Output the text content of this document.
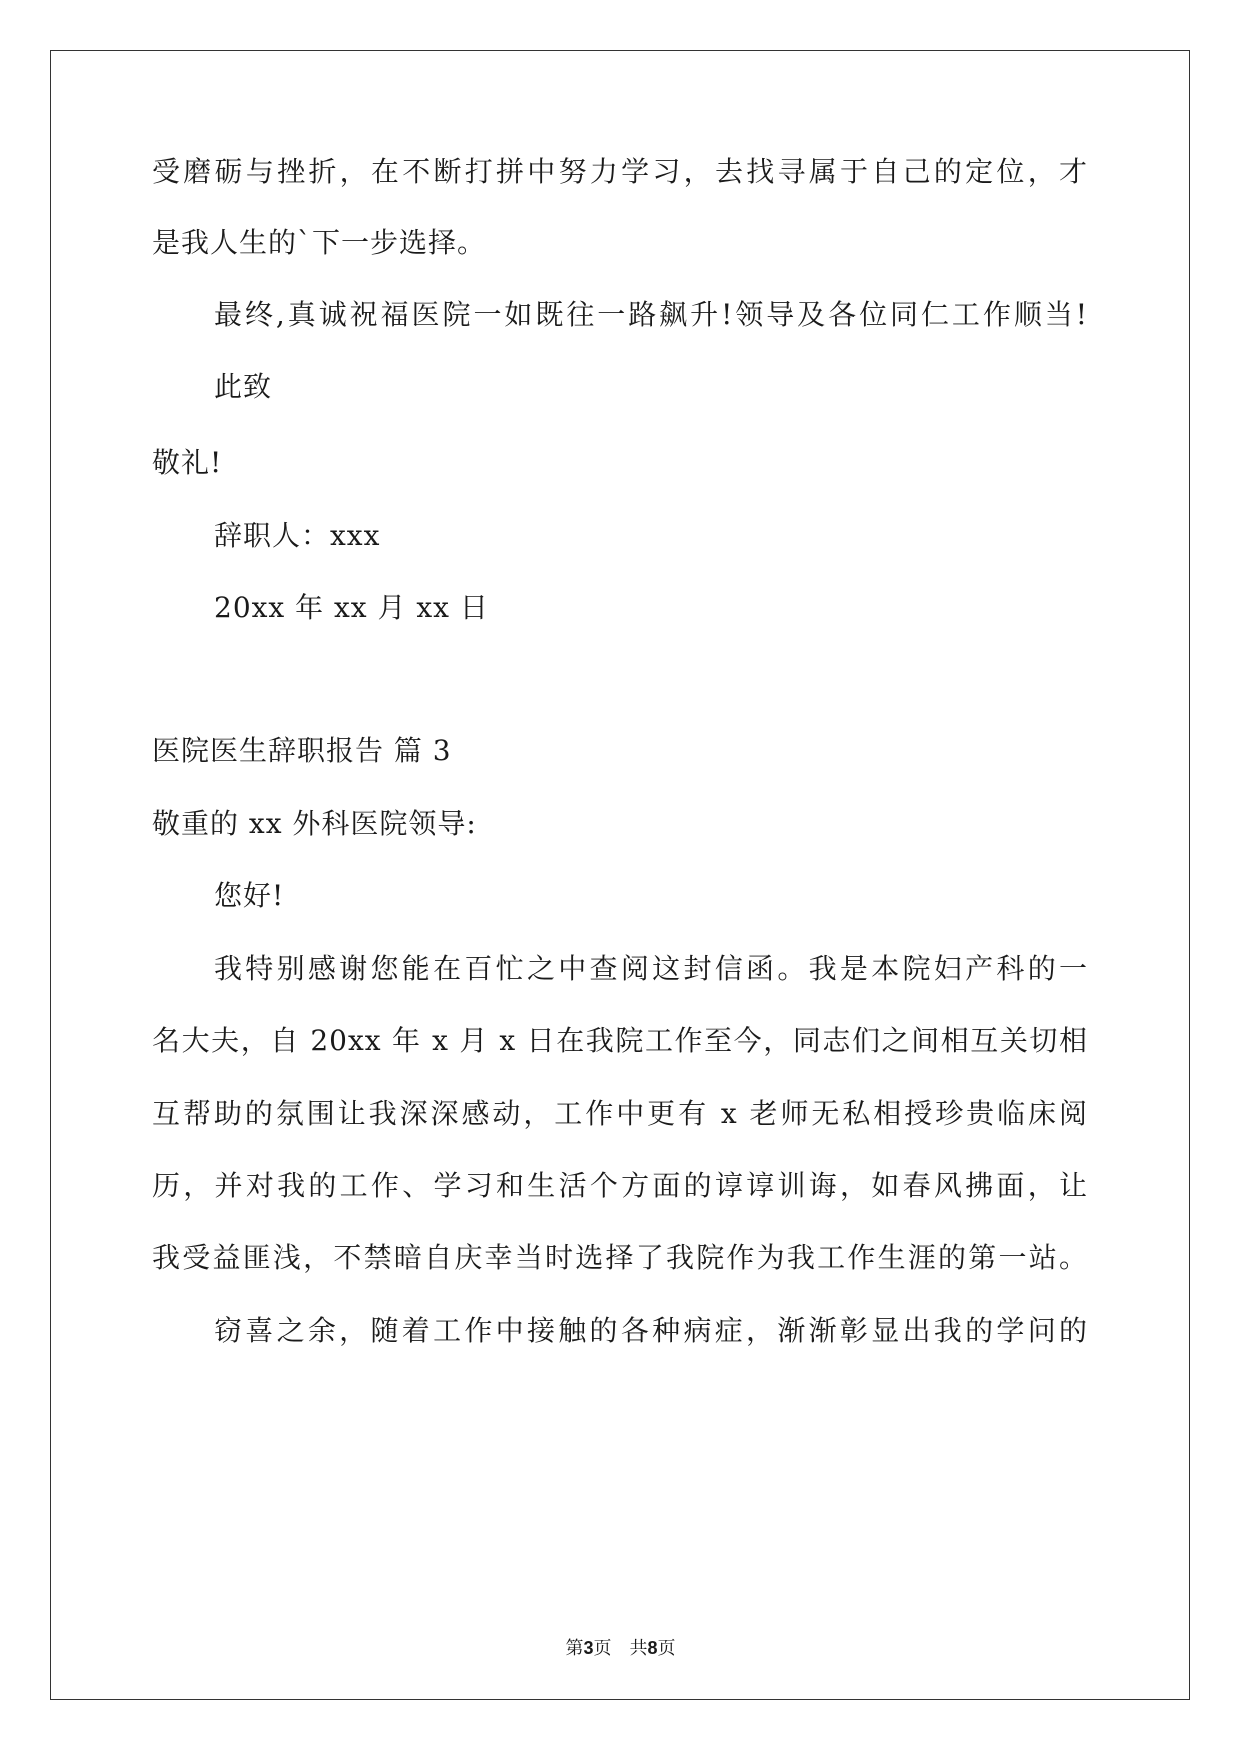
受磨砺与挫折，在不断打拼中努力学习，去找寻属于自己的定位，才
是我人生的`下一步选择。
最终,真诚祝福医院一如既往一路飙升!领导及各位同仁工作顺当!
此致
敬礼!
辞职人：xxx
20xx 年 xx 月 xx 日
医院医生辞职报告 篇 3
敬重的 xx 外科医院领导:
您好!
我特别感谢您能在百忙之中查阅这封信函。我是本院妇产科的一
名大夫，自 20xx 年 x 月 x 日在我院工作至今，同志们之间相互关切相
互帮助的氛围让我深深感动，工作中更有 x 老师无私相授珍贵临床阅
历，并对我的工作、学习和生活个方面的谆谆训诲，如春风拂面，让
我受益匪浅，不禁暗自庆幸当时选择了我院作为我工作生涯的第一站。
窃喜之余，随着工作中接触的各种病症，渐渐彰显出我的学问的
第3页　共8页
